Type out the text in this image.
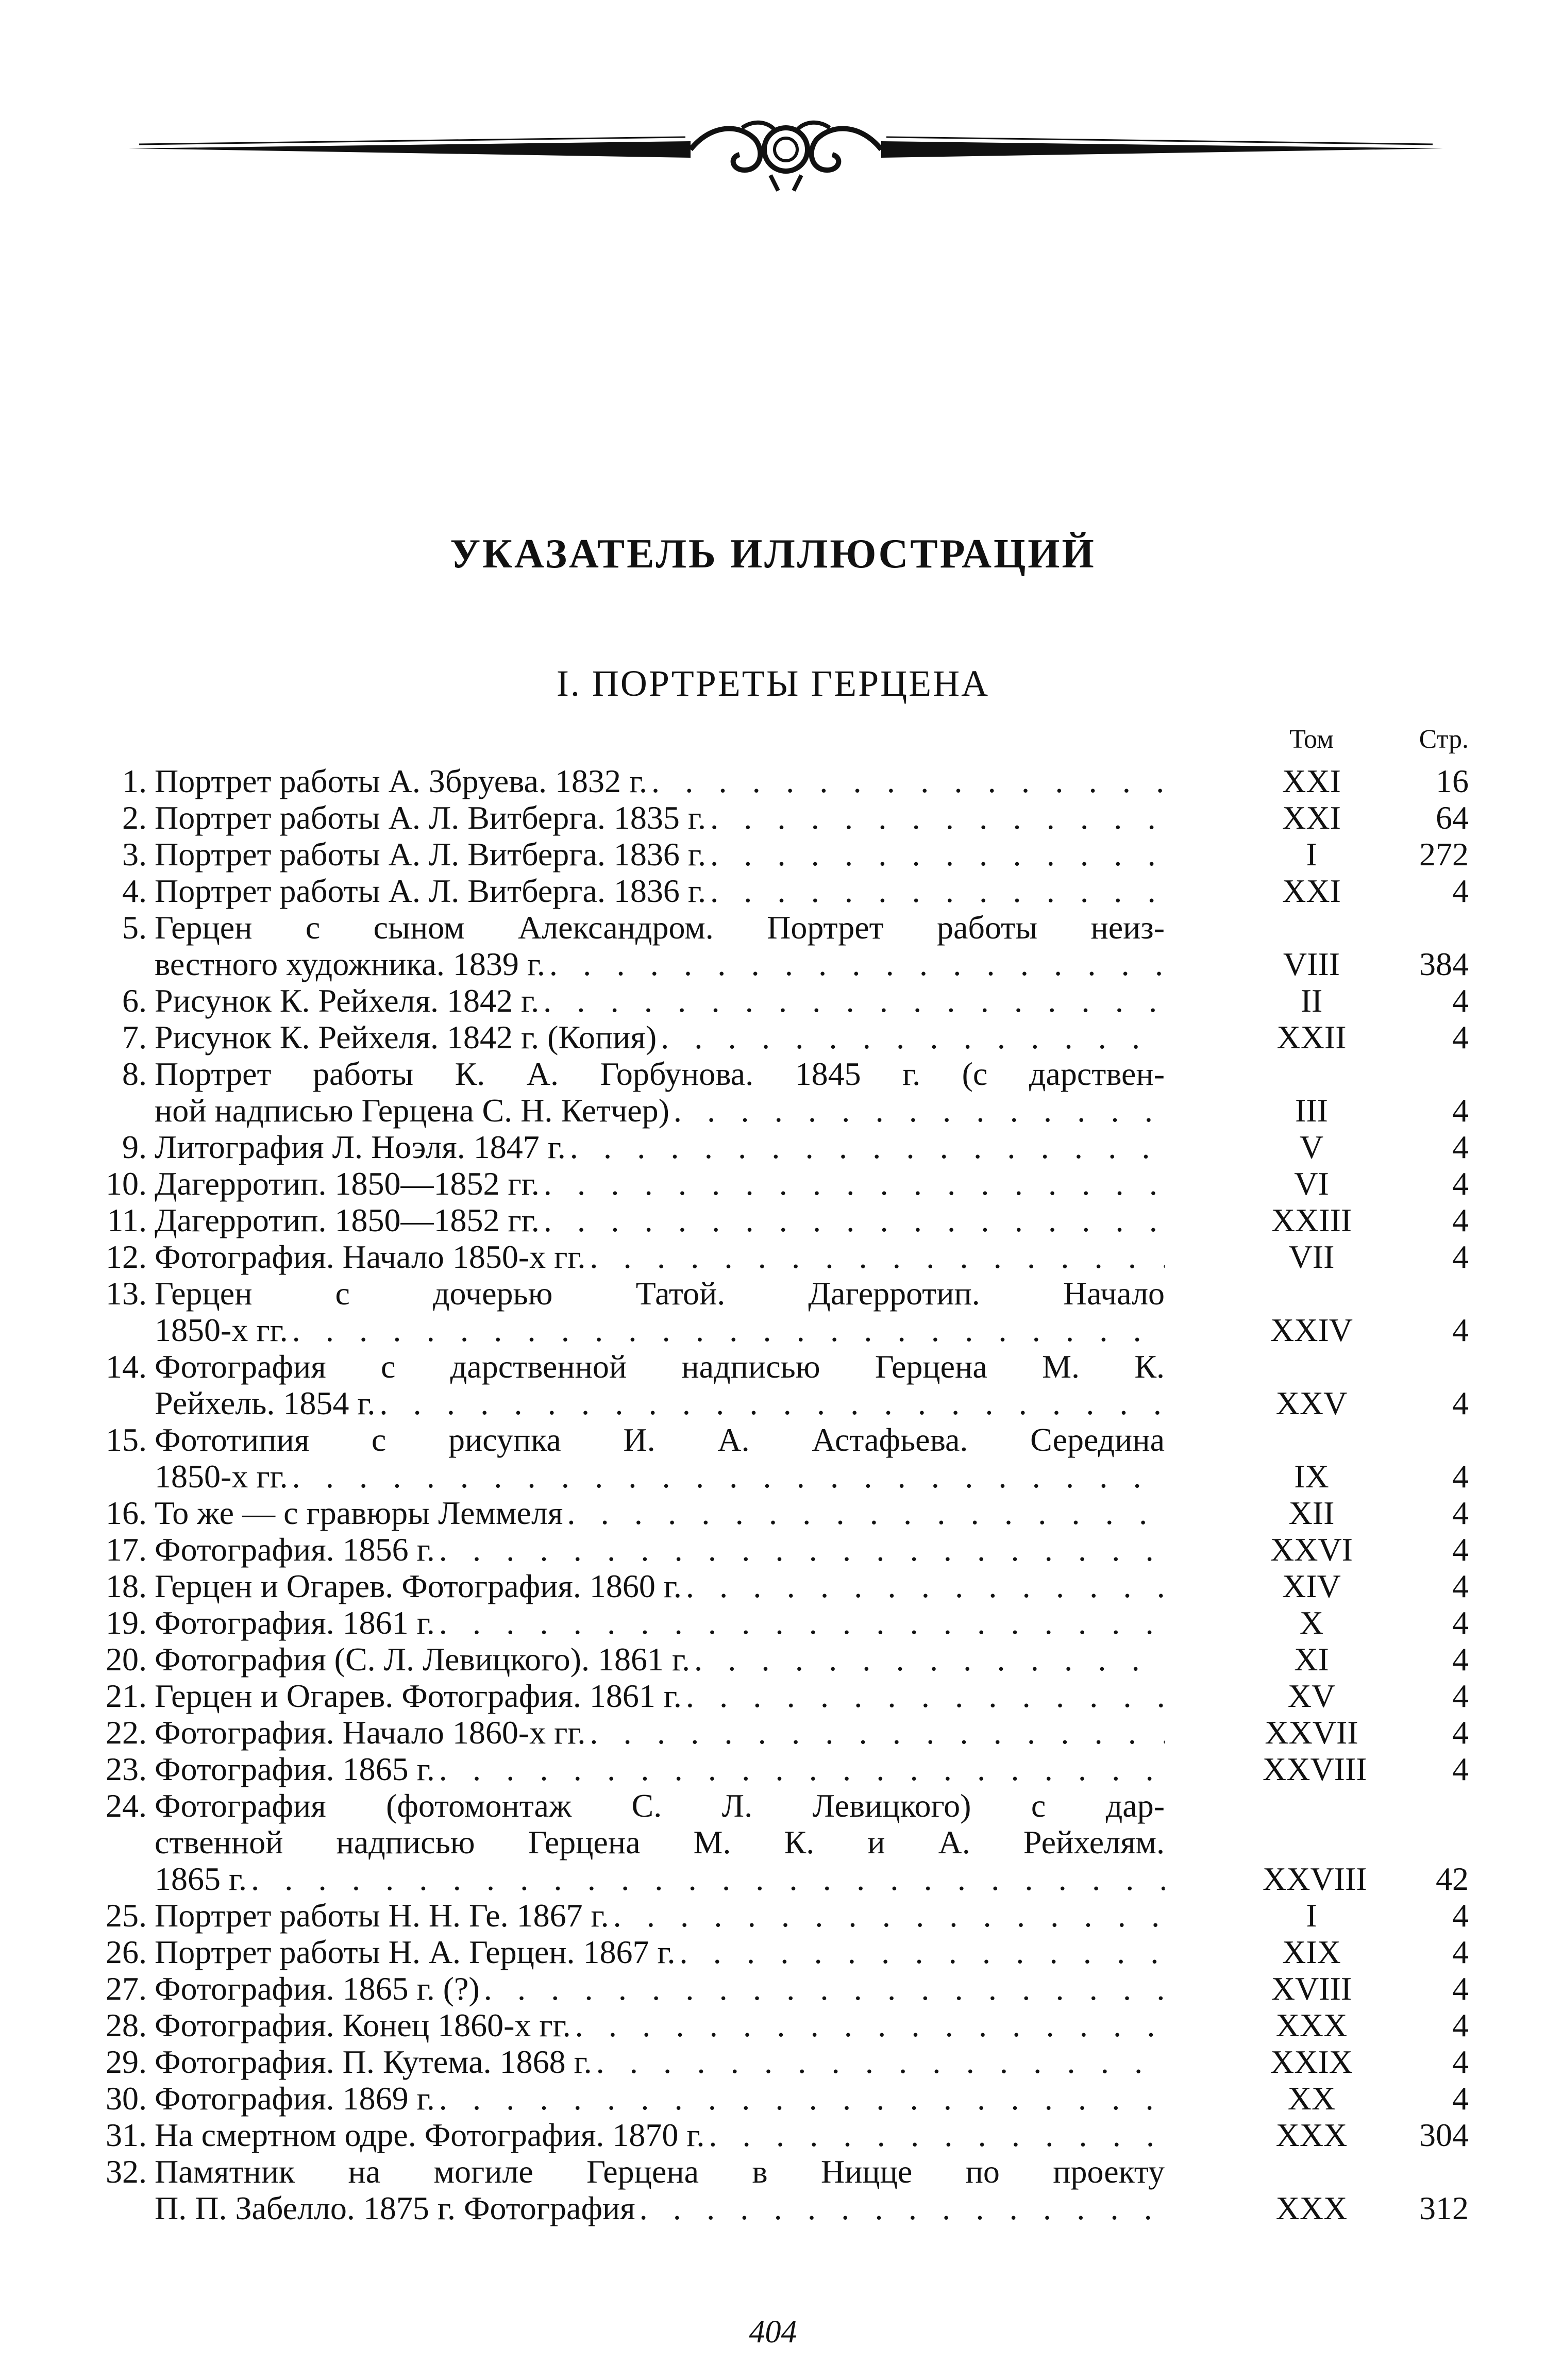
УКАЗАТЕЛЬ ИЛЛЮСТРАЦИЙ
I. ПОРТРЕТЫ ГЕРЦЕНА
Том	Стр.
1. Портрет работы А. Збруева. 1832 г. . . .	XXI	16
2. Портрет работы А. Л. Витберга. 1835 г. . . .	XXI	64
3. Портрет работы А. Л. Витберга. 1836 г. . . .	I	272
4. Портрет работы А. Л. Витберга. 1836 г. . . .	XXI	4
5. Герцен с сыном Александром. Портрет работы неиз-
вестного художника. 1839 г. . . .	VIII	384
6. Рисунок К. Рейхеля. 1842 г. . . .	II	4
7. Рисунок К. Рейхеля. 1842 г. (Копия) . . .	XXII	4
8. Портрет работы К. А. Горбунова. 1845 г. (с дарствен-
ной надписью Герцена С. Н. Кетчер) . . .	III	4
9. Литография Л. Ноэля. 1847 г. . . .	V	4
10. Дагерротип. 1850—1852 гг. . . .	VI	4
11. Дагерротип. 1850—1852 гг. . . .	XXIII	4
12. Фотография. Начало 1850-х гг. . . .	VII	4
13. Герцен с дочерью Татой. Дагерротип. Начало
1850-х гг. . . .	XXIV	4
14. Фотография с дарственной надписью Герцена М. К.
Рейхель. 1854 г. . . .	XXV	4
15. Фототипия с рисупка И. А. Астафьева. Середина
1850-х гг. . . .	IX	4
16. То же — с гравюры Леммеля . . .	XII	4
17. Фотография. 1856 г. . . .	XXVI	4
18. Герцен и Огарев. Фотография. 1860 г. . . .	XIV	4
19. Фотография. 1861 г. . . .	X	4
20. Фотография (С. Л. Левицкого). 1861 г. . . .	XI	4
21. Герцен и Огарев. Фотография. 1861 г. . . .	XV	4
22. Фотография. Начало 1860-х гг. . . .	XXVII	4
23. Фотография. 1865 г. . . .	XXVIII	4
24. Фотография (фотомонтаж С. Л. Левицкого) с дар-
ственной надписью Герцена М. К. и А. Рейхелям.
1865 г. . . .	XXVIII	42
25. Портрет работы Н. Н. Ге. 1867 г. . . .	I	4
26. Портрет работы Н. А. Герцен. 1867 г. . . .	XIX	4
27. Фотография. 1865 г. (?) . . .	XVIII	4
28. Фотография. Конец 1860-х гг. . . .	XXX	4
29. Фотография. П. Кутема. 1868 г. . . .	XXIX	4
30. Фотография. 1869 г. . . .	XX	4
31. На смертном одре. Фотография. 1870 г. . . .	XXX	304
32. Памятник на могиле Герцена в Ницце по проекту
П. П. Забелло. 1875 г. Фотография . . .	XXX	312
404
